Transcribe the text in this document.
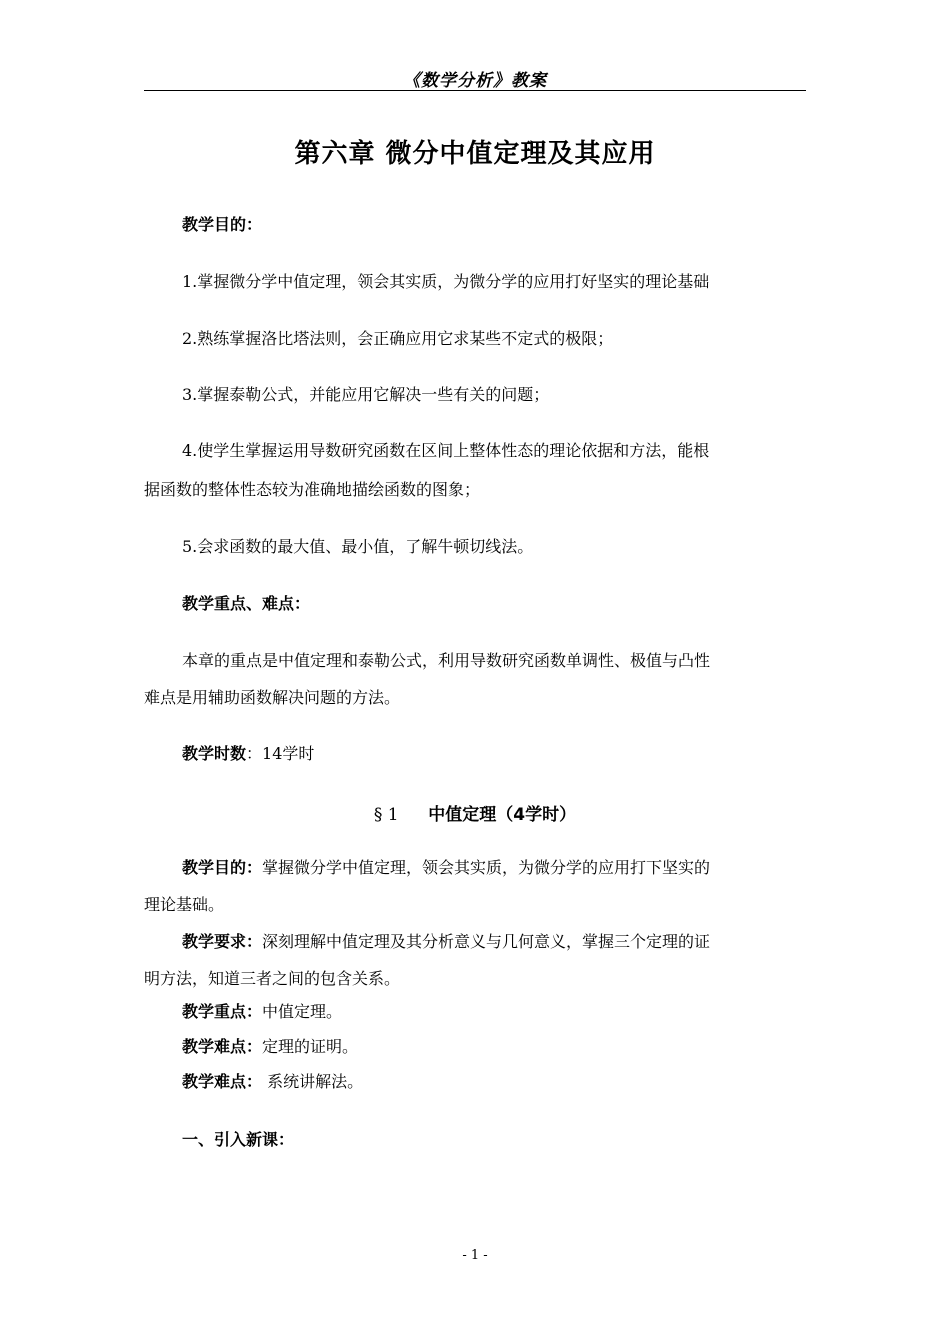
《数学分析》教案
第六章 微分中值定理及其应用
教学目的：
1.掌握微分学中值定理，领会其实质，为微分学的应用打好坚实的理论基础
2.熟练掌握洛比塔法则，会正确应用它求某些不定式的极限；
3.掌握泰勒公式，并能应用它解决一些有关的问题；
4.使学生掌握运用导数研究函数在区间上整体性态的理论依据和方法，能根
据函数的整体性态较为准确地描绘函数的图象；
5.会求函数的最大值、最小值，了解牛顿切线法。
教学重点、难点：
本章的重点是中值定理和泰勒公式，利用导数研究函数单调性、极值与凸性
难点是用辅助函数解决问题的方法。
教学时数：14学时
§ 1 中值定理（4学时）
教学目的：掌握微分学中值定理，领会其实质，为微分学的应用打下坚实的
理论基础。
教学要求：深刻理解中值定理及其分析意义与几何意义，掌握三个定理的证
明方法，知道三者之间的包含关系。
教学重点：中值定理。
教学难点：定理的证明。
教学难点： 系统讲解法。
一、引入新课：
- 1 -
